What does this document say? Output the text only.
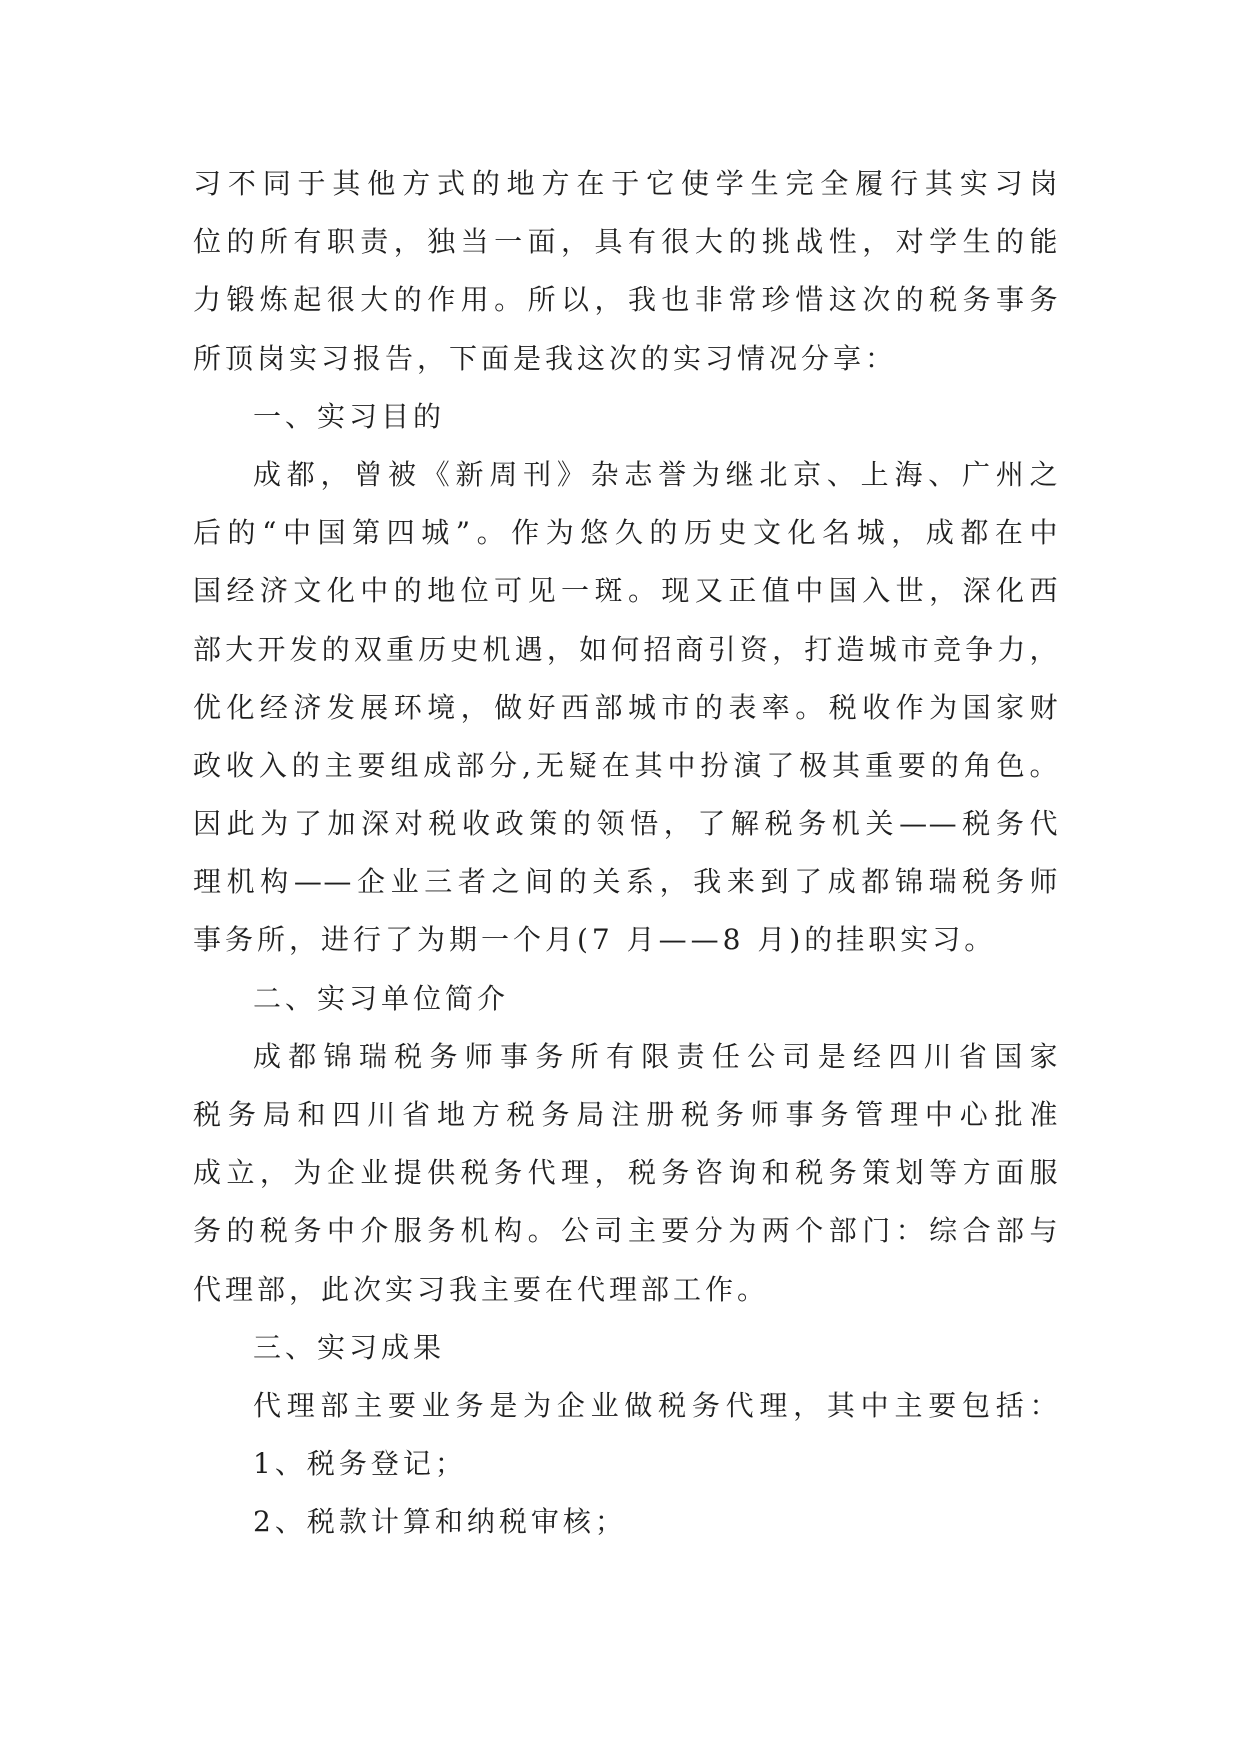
习不同于其他方式的地方在于它使学生完全履行其实习岗
位的所有职责，独当一面，具有很大的挑战性，对学生的能
力锻炼起很大的作用。所以，我也非常珍惜这次的税务事务
所顶岗实习报告，下面是我这次的实习情况分享：
一、实习目的
成都，曾被《新周刊》杂志誉为继北京、上海、广州之
后的“中国第四城”。作为悠久的历史文化名城，成都在中
国经济文化中的地位可见一斑。现又正值中国入世，深化西
部大开发的双重历史机遇，如何招商引资，打造城市竞争力，
优化经济发展环境，做好西部城市的表率。税收作为国家财
政收入的主要组成部分,无疑在其中扮演了极其重要的角色。
因此为了加深对税收政策的领悟，了解税务机关——税务代
理机构——企业三者之间的关系，我来到了成都锦瑞税务师
事务所，进行了为期一个月(7 月——8 月)的挂职实习。
二、实习单位简介
成都锦瑞税务师事务所有限责任公司是经四川省国家
税务局和四川省地方税务局注册税务师事务管理中心批准
成立，为企业提供税务代理，税务咨询和税务策划等方面服
务的税务中介服务机构。公司主要分为两个部门：综合部与
代理部，此次实习我主要在代理部工作。
三、实习成果
代理部主要业务是为企业做税务代理，其中主要包括：
1、税务登记；
2、税款计算和纳税审核；
